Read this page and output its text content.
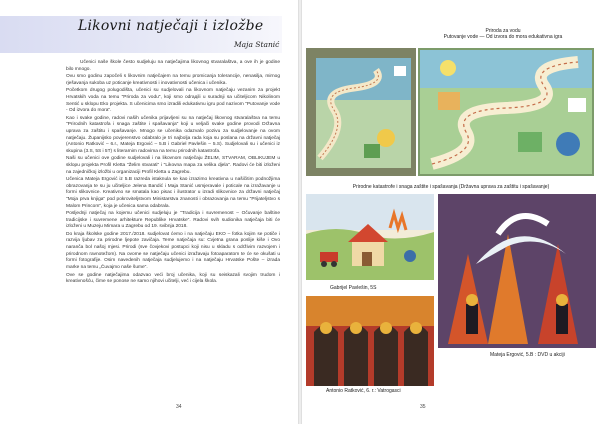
Likovni natječaji i izložbe
Maja Stanić

Učenici naše škole često sudjeluju na natječajima likovnog stvaralaštva, a ove ih je godine bilo mnogo.

Ovu smo godinu započeli s likovnim natječajem na temu promicanja tolerancije, nenasilja, mirnog rješavanja sukoba uz poticanje kreativnosti i inovativnosti učenica i učenika.

Početkom drugog polugodišta, učenici su sudjelovali na likovnom natječaju vezanim za projekt Hrvatskih voda na temu "Priroda za vodu", koji smo odrадili u suradnji sa učiteljicom Nikolinom Sentić u sklopu Eko projekta. S učenicima smo izradili edukativnu igru pod nazivom "Putovanje vode - Od izvora do mora".

Kao i svake godine, radovi naših učenika prijavljeni su na natječaj likovnog stvaralaštva na temu "Prirodnih katastrofa i snaga zaštite i spašavanja" koji u veljači svake godine provodi Državna uprava za zaštitu i spašavanje. Mnogo se učenika odazvalo pozivu za sudjelovanje na ovom natječaju. Županijsko povjerenstvo odabralo je tri najbolja rada koja su poslana na državni natječaj (Antonio Ratković – 6.r., Mateja Ergović – 5.B i Gabriel Pavlešin – 5.S). Sudjelovali su i učenici iz skupina (3.S, 5S i 5T) s literarnim radovima na temu prirodnih katastrofa.

Naši su učenici ove godine sudjelovali i na likovnom natječaju ŽELIM, STVARAM, OBLIKUJEM u sklopu projekta Profil Klettа "Želim stvarati" i "Likovna mapa za velika djela". Radovi će biti izloženi na zajedničkoj izložbi u organizaciji Profil Kletta u Zagrebu.

Učenica Mateja Ergović iz 5.B razreda istaknula se kao izrazimo kreativna u našičitim podnožjima obrazovanja te su ju učiteljice Jelena Bandić i Maja Stanić usmjeravale i poticale na izražavanje u formi slikovnice. Kreativno se smatala kao pisac i ilustrator u izradi slikovnice za državni natječaj "Moja prva knjiga" pod pokroviteljstvom Ministarstva znanosti i obrazovanja na temu "Prijateljstvo s Malom Princom", koja je učenica sama odabrala.

Posljednji natječaj na kojemu učenici sudjeluju je "Tradicija i suvremenost – Očuvanje baštine tradicijske i suvremene arhitekture Republike Hrvatske". Radovi svih sudionika natječaja biti će izloženi u Muzeju Mimara u Zagrebu od 19. svibnja 2018.

Do kraja školske godine 2017./2018. sudjelovat ćemo i na natječaju EKO – fotka kojim se potiče i razvija ljubav za prirodne ljepote zavičaja. Teme natječaja su: Cvjetna grana poslije kiše i Ovo naranča bol našoj mjesi. Prirodi (sve čovjekovi postupci koji nisu u skladu s održivim razvojem i prirodnom ravnotežom). Na ovome se natječaju učenici izražavaju fotoaparatom te će se okušati u formi fotografije. Osim navedenih natječaja sudjelujemo i na natječaju Hrvatske Pošte – izrada marke na temu „Čuvajmo naše šume".

Ove se godine natječajima odazvao veći broj učenika, koji su seiskazali svojim trudom i kreativnošću, čime se ponose ne samo njihovi učitelji, već i cijela škola.

34
Priroda za vodu
Putovanje vode — Od izvora do mora edukativna igra
Prirodne katastrofe i snaga zaštite i spašavanja (Državna uprava za zaštitu i spašavanje)
Gabrijel Pavlešin, 5S
Mateja Ergović, 5.B : DVD u akciji
Antonio Ratković, 6. r.: Vatrogasci
35
